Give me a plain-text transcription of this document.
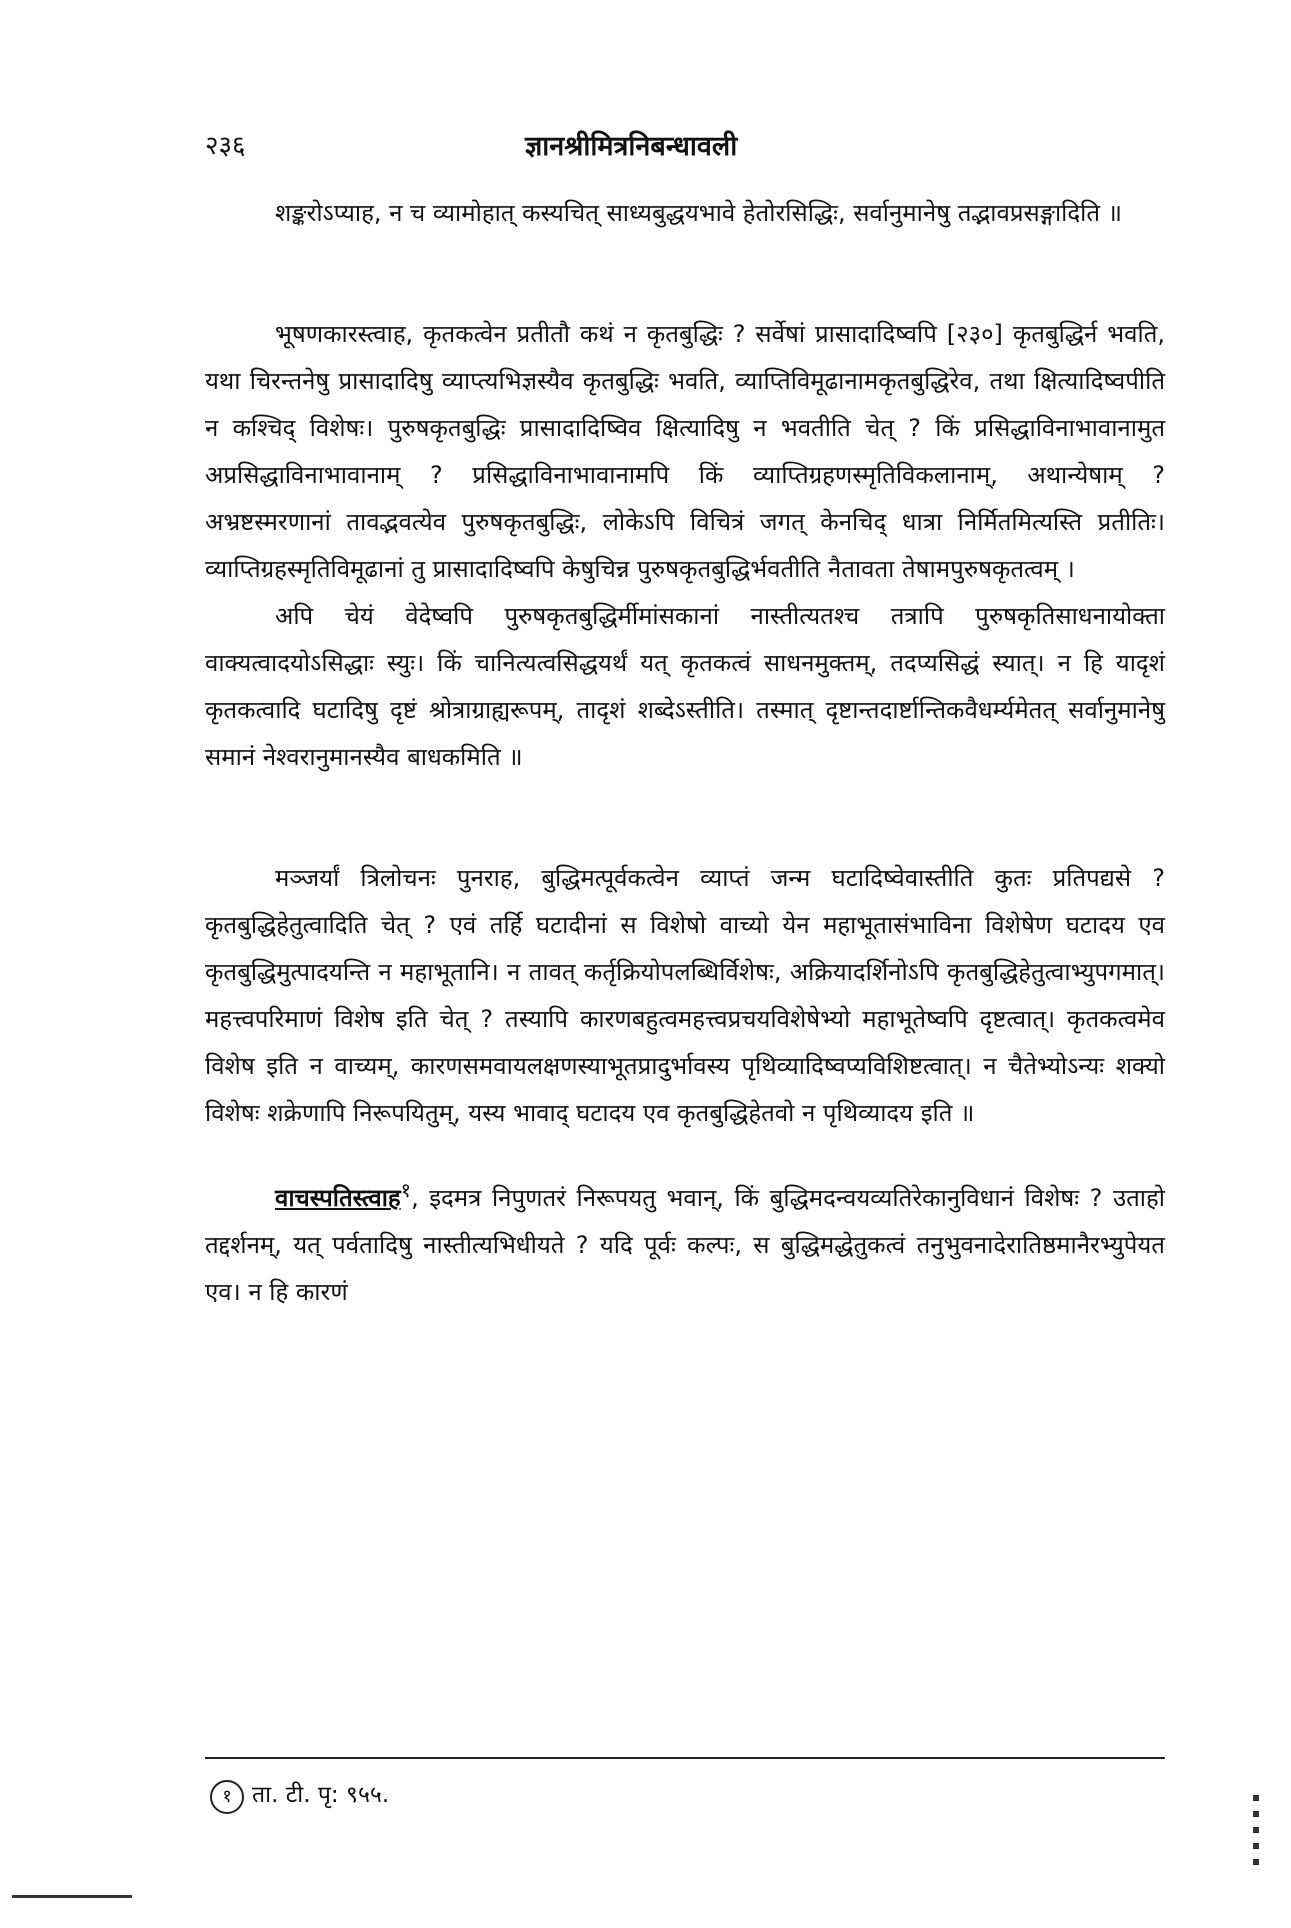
२३६	ज्ञानश्रीमित्रनिबन्धावली

शङ्करोऽप्याह, न च व्यामोहात् कस्यचित् साध्यबुद्धयभावे हेतोरसिद्धिः, सर्वानुमानेषु तद्भावप्रसङ्गादिति ॥

भूषणकारस्त्वाह, कृतकत्वेन प्रतीतौ कथं न कृतबुद्धिः ? सर्वेषां प्रासादादिष्वपि [२३०] कृतबुद्धिर्न भवति, यथा चिरन्तनेषु प्रासादादिषु व्याप्त्यभिज्ञस्यैव कृतबुद्धिः भवति, व्याप्तिविमूढानामकृतबुद्धिरेव, तथा क्षित्यादिष्वपीति न कश्चिद् विशेषः। पुरुषकृतबुद्धिः प्रासादादिष्विव क्षित्यादिषु न भवतीति चेत् ? किं प्रसिद्धाविनाभावानामुत अप्रसिद्धाविनाभावानाम् ? प्रसिद्धाविनाभावानामपि किं व्याप्तिग्रहणस्मृतिविकलानाम्, अथान्येषाम् ? अभ्रष्टस्मरणानां तावद्भवत्येव पुरुषकृतबुद्धिः, लोकेऽपि विचित्रं जगत् केनचिद् धात्रा निर्मितमित्यस्ति प्रतीतिः। व्याप्तिग्रहस्मृतिविमूढानां तु प्रासादादिष्वपि केषुचिन्न पुरुषकृतबुद्धिर्भवतीति नैतावता तेषामपुरुषकृतत्वम् ।

अपि चेयं वेदेष्वपि पुरुषकृतबुद्धिर्मीमांसकानां नास्तीत्यतश्च तत्रापि पुरुषकृतिसाधनायोक्ता वाक्यत्वादयोऽसिद्धाः स्युः। किं चानित्यत्वसिद्धयर्थं यत् कृतकत्वं साधनमुक्तम्, तदप्यसिद्धं स्यात्। न हि यादृशं कृतकत्वादि घटादिषु दृष्टं श्रोत्राग्राह्यरूपम्, तादृशं शब्देऽस्तीति। तस्मात् दृष्टान्तदार्ष्टान्तिकवैधर्म्यमेतत् सर्वानुमानेषु समानं नेश्वरानुमानस्यैव बाधकमिति ॥

मञ्जर्यां त्रिलोचनः पुनराह, बुद्धिमत्पूर्वकत्वेन व्याप्तं जन्म घटादिष्वेवास्तीति कुतः प्रतिपद्यसे ? कृतबुद्धिहेतुत्वादिति चेत् ? एवं तर्हि घटादीनां स विशेषो वाच्यो येन महाभूतासंभाविना विशेषेण घटादय एव कृतबुद्धिमुत्पादयन्ति न महाभूतानि। न तावत् कर्तृक्रियोपलब्धिर्विशेषः, अक्रियादर्शिनोऽपि कृतबुद्धिहेतुत्वाभ्युपगमात्। महत्त्वपरिमाणं विशेष इति चेत् ? तस्यापि कारणबहुत्वमहत्त्वप्रचयविशेषेभ्यो महाभूतेष्वपि दृष्टत्वात्। कृतकत्वमेव विशेष इति न वाच्यम्, कारणसमवायलक्षणस्याभूतप्रादुर्भावस्य पृथिव्यादिष्वप्यविशिष्टत्वात्। न चैतेभ्योऽन्यः शक्यो विशेषः शक्रेणापि निरूपयितुम्, यस्य भावाद् घटादय एव कृतबुद्धिहेतवो न पृथिव्यादय इति ॥

वाचस्पतिस्त्वाह$^१$, इदमत्र निपुणतरं निरूपयतु भवान्, किं बुद्धिमदन्वयव्यतिरेकानुविधानं विशेषः ? उताहो तद्दर्शनम्, यत् पर्वतादिषु नास्तीत्यभिधीयते ? यदि पूर्वः कल्पः, स बुद्धिमद्धेतुकत्वं तनुभुवनादेरातिष्ठमानैरभ्युपेयत एव। न हि कारणं

१ ता. टी. पृ: ९५५.
